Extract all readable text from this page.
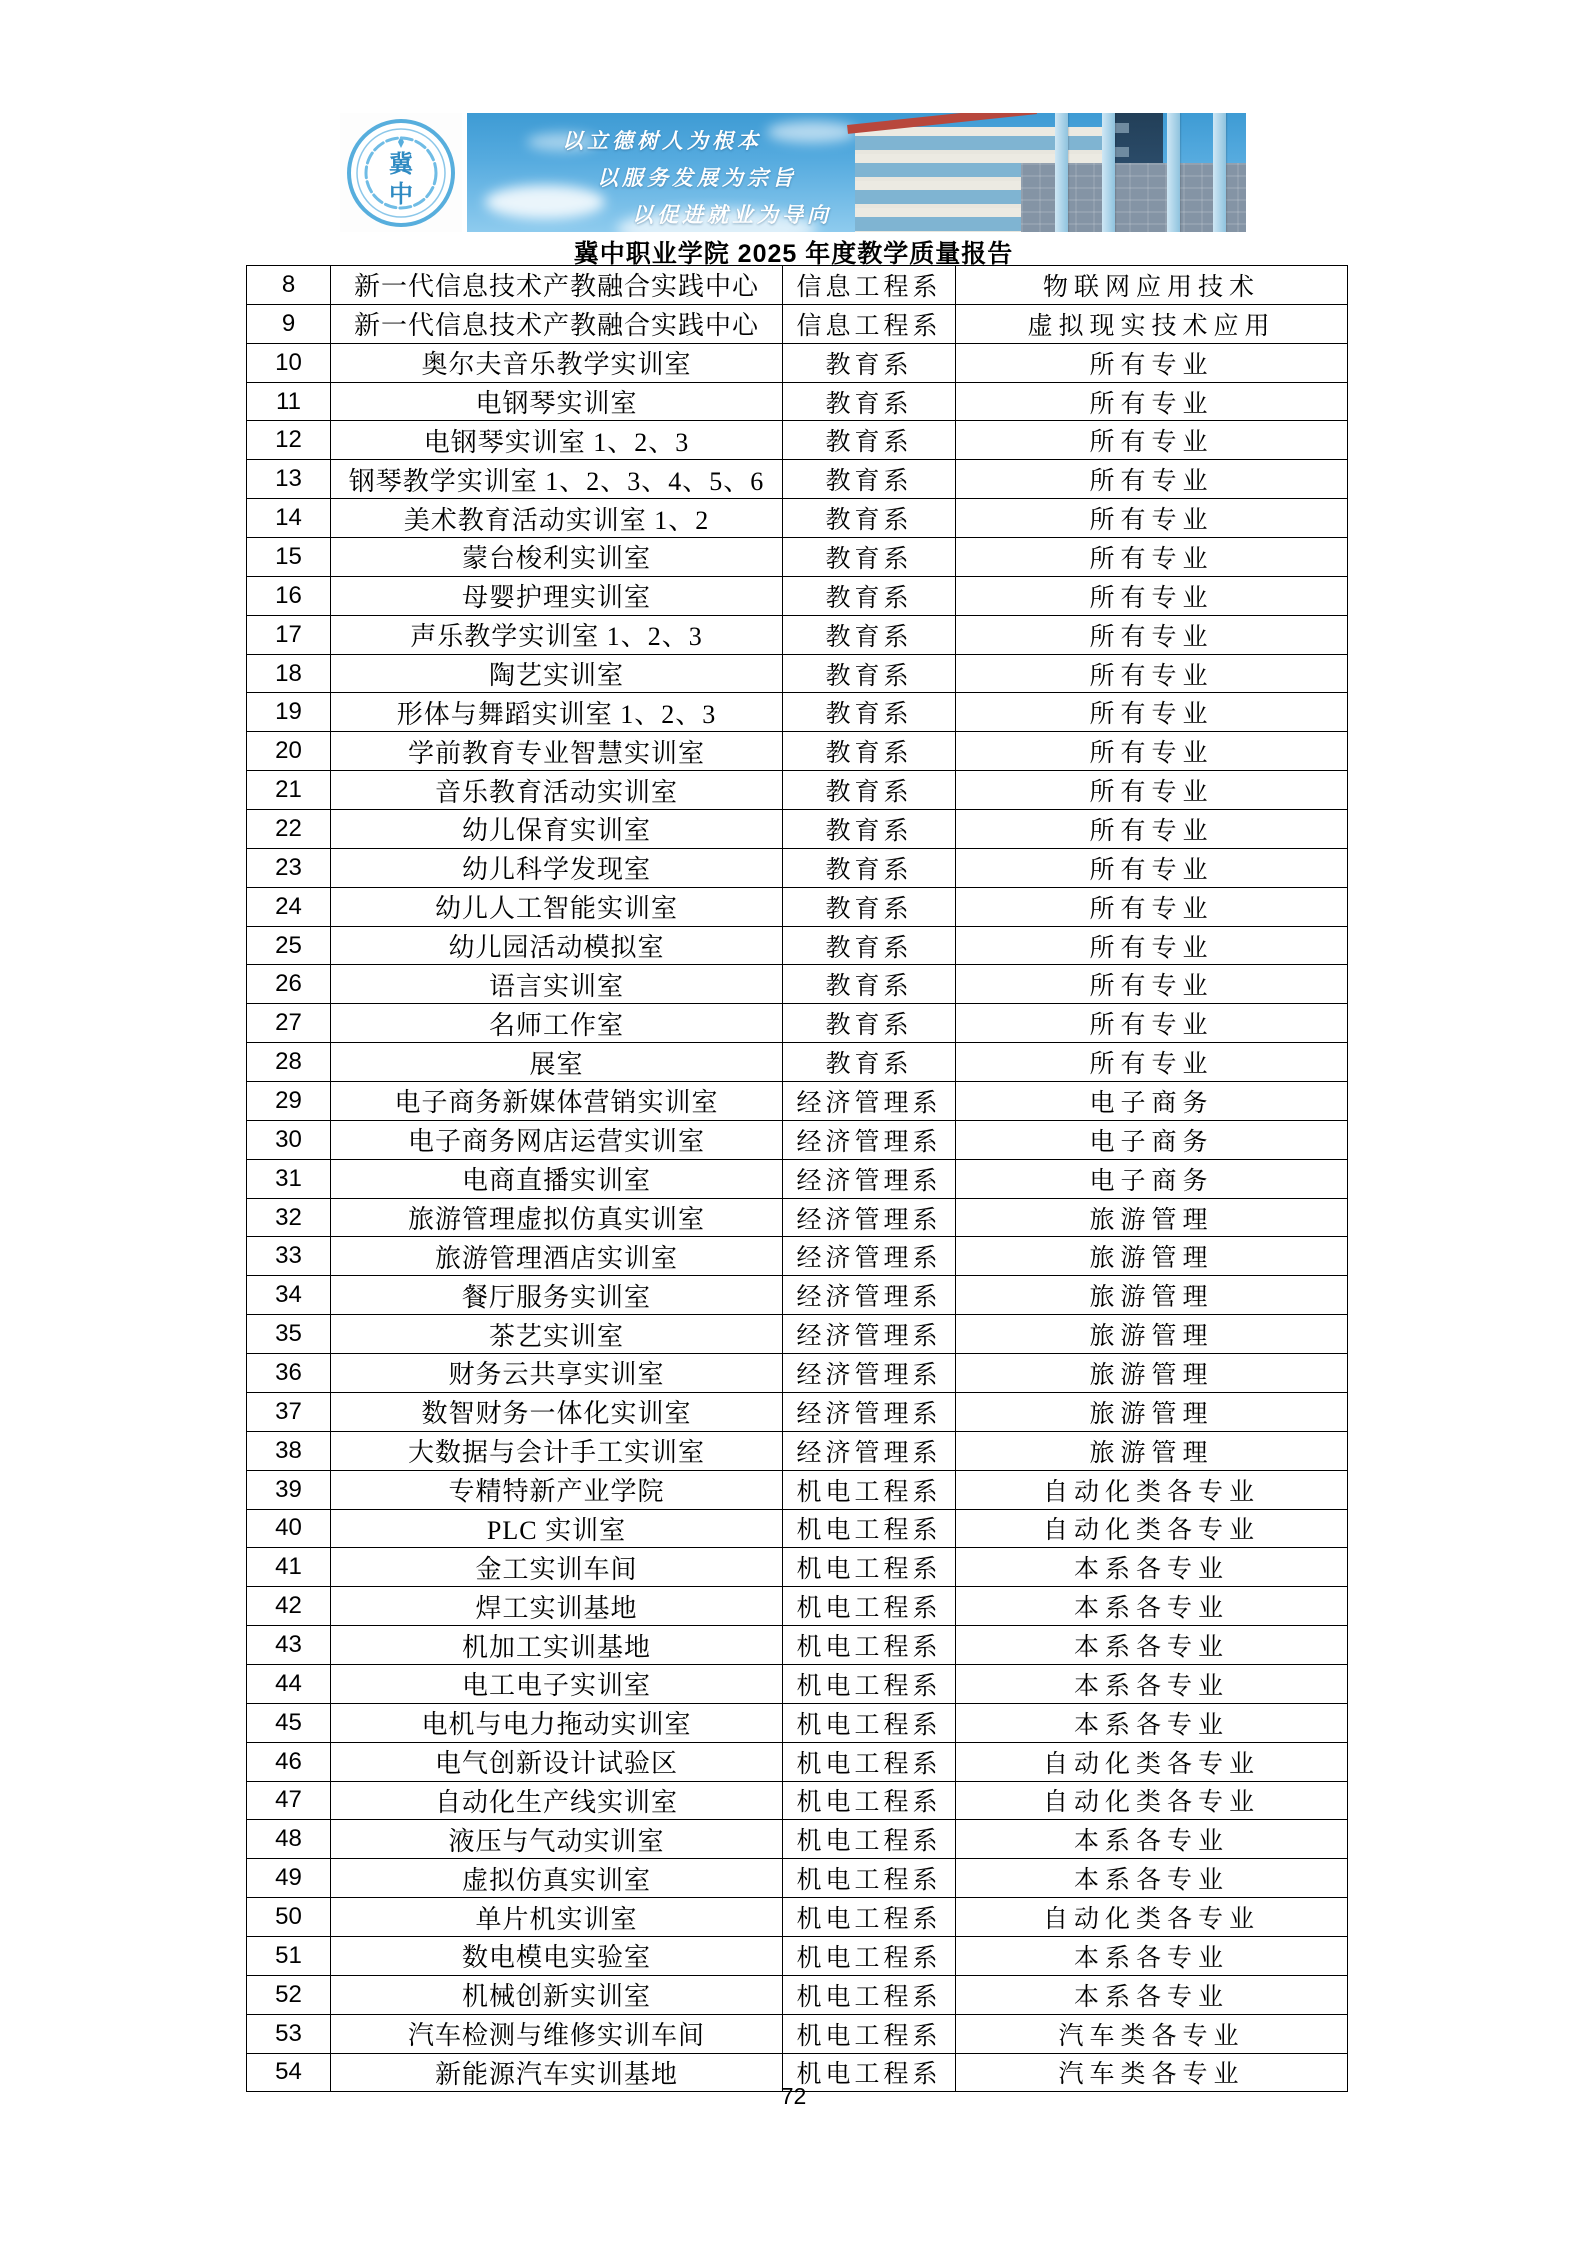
冀
中
以立德树人为根本
以服务发展为宗旨
以促进就业为导向
冀中职业学院 2025 年度教学质量报告
8	新一代信息技术产教融合实践中心	信息工程系	物联网应用技术
9	新一代信息技术产教融合实践中心	信息工程系	虚拟现实技术应用
10	奥尔夫音乐教学实训室	教育系	所有专业
11	电钢琴实训室	教育系	所有专业
12	电钢琴实训室 1、2、3	教育系	所有专业
13	钢琴教学实训室 1、2、3、4、5、6	教育系	所有专业
14	美术教育活动实训室 1、2	教育系	所有专业
15	蒙台梭利实训室	教育系	所有专业
16	母婴护理实训室	教育系	所有专业
17	声乐教学实训室 1、2、3	教育系	所有专业
18	陶艺实训室	教育系	所有专业
19	形体与舞蹈实训室 1、2、3	教育系	所有专业
20	学前教育专业智慧实训室	教育系	所有专业
21	音乐教育活动实训室	教育系	所有专业
22	幼儿保育实训室	教育系	所有专业
23	幼儿科学发现室	教育系	所有专业
24	幼儿人工智能实训室	教育系	所有专业
25	幼儿园活动模拟室	教育系	所有专业
26	语言实训室	教育系	所有专业
27	名师工作室	教育系	所有专业
28	展室	教育系	所有专业
29	电子商务新媒体营销实训室	经济管理系	电子商务
30	电子商务网店运营实训室	经济管理系	电子商务
31	电商直播实训室	经济管理系	电子商务
32	旅游管理虚拟仿真实训室	经济管理系	旅游管理
33	旅游管理酒店实训室	经济管理系	旅游管理
34	餐厅服务实训室	经济管理系	旅游管理
35	茶艺实训室	经济管理系	旅游管理
36	财务云共享实训室	经济管理系	旅游管理
37	数智财务一体化实训室	经济管理系	旅游管理
38	大数据与会计手工实训室	经济管理系	旅游管理
39	专精特新产业学院	机电工程系	自动化类各专业
40	PLC 实训室	机电工程系	自动化类各专业
41	金工实训车间	机电工程系	本系各专业
42	焊工实训基地	机电工程系	本系各专业
43	机加工实训基地	机电工程系	本系各专业
44	电工电子实训室	机电工程系	本系各专业
45	电机与电力拖动实训室	机电工程系	本系各专业
46	电气创新设计试验区	机电工程系	自动化类各专业
47	自动化生产线实训室	机电工程系	自动化类各专业
48	液压与气动实训室	机电工程系	本系各专业
49	虚拟仿真实训室	机电工程系	本系各专业
50	单片机实训室	机电工程系	自动化类各专业
51	数电模电实验室	机电工程系	本系各专业
52	机械创新实训室	机电工程系	本系各专业
53	汽车检测与维修实训车间	机电工程系	汽车类各专业
54	新能源汽车实训基地	机电工程系	汽车类各专业
72
